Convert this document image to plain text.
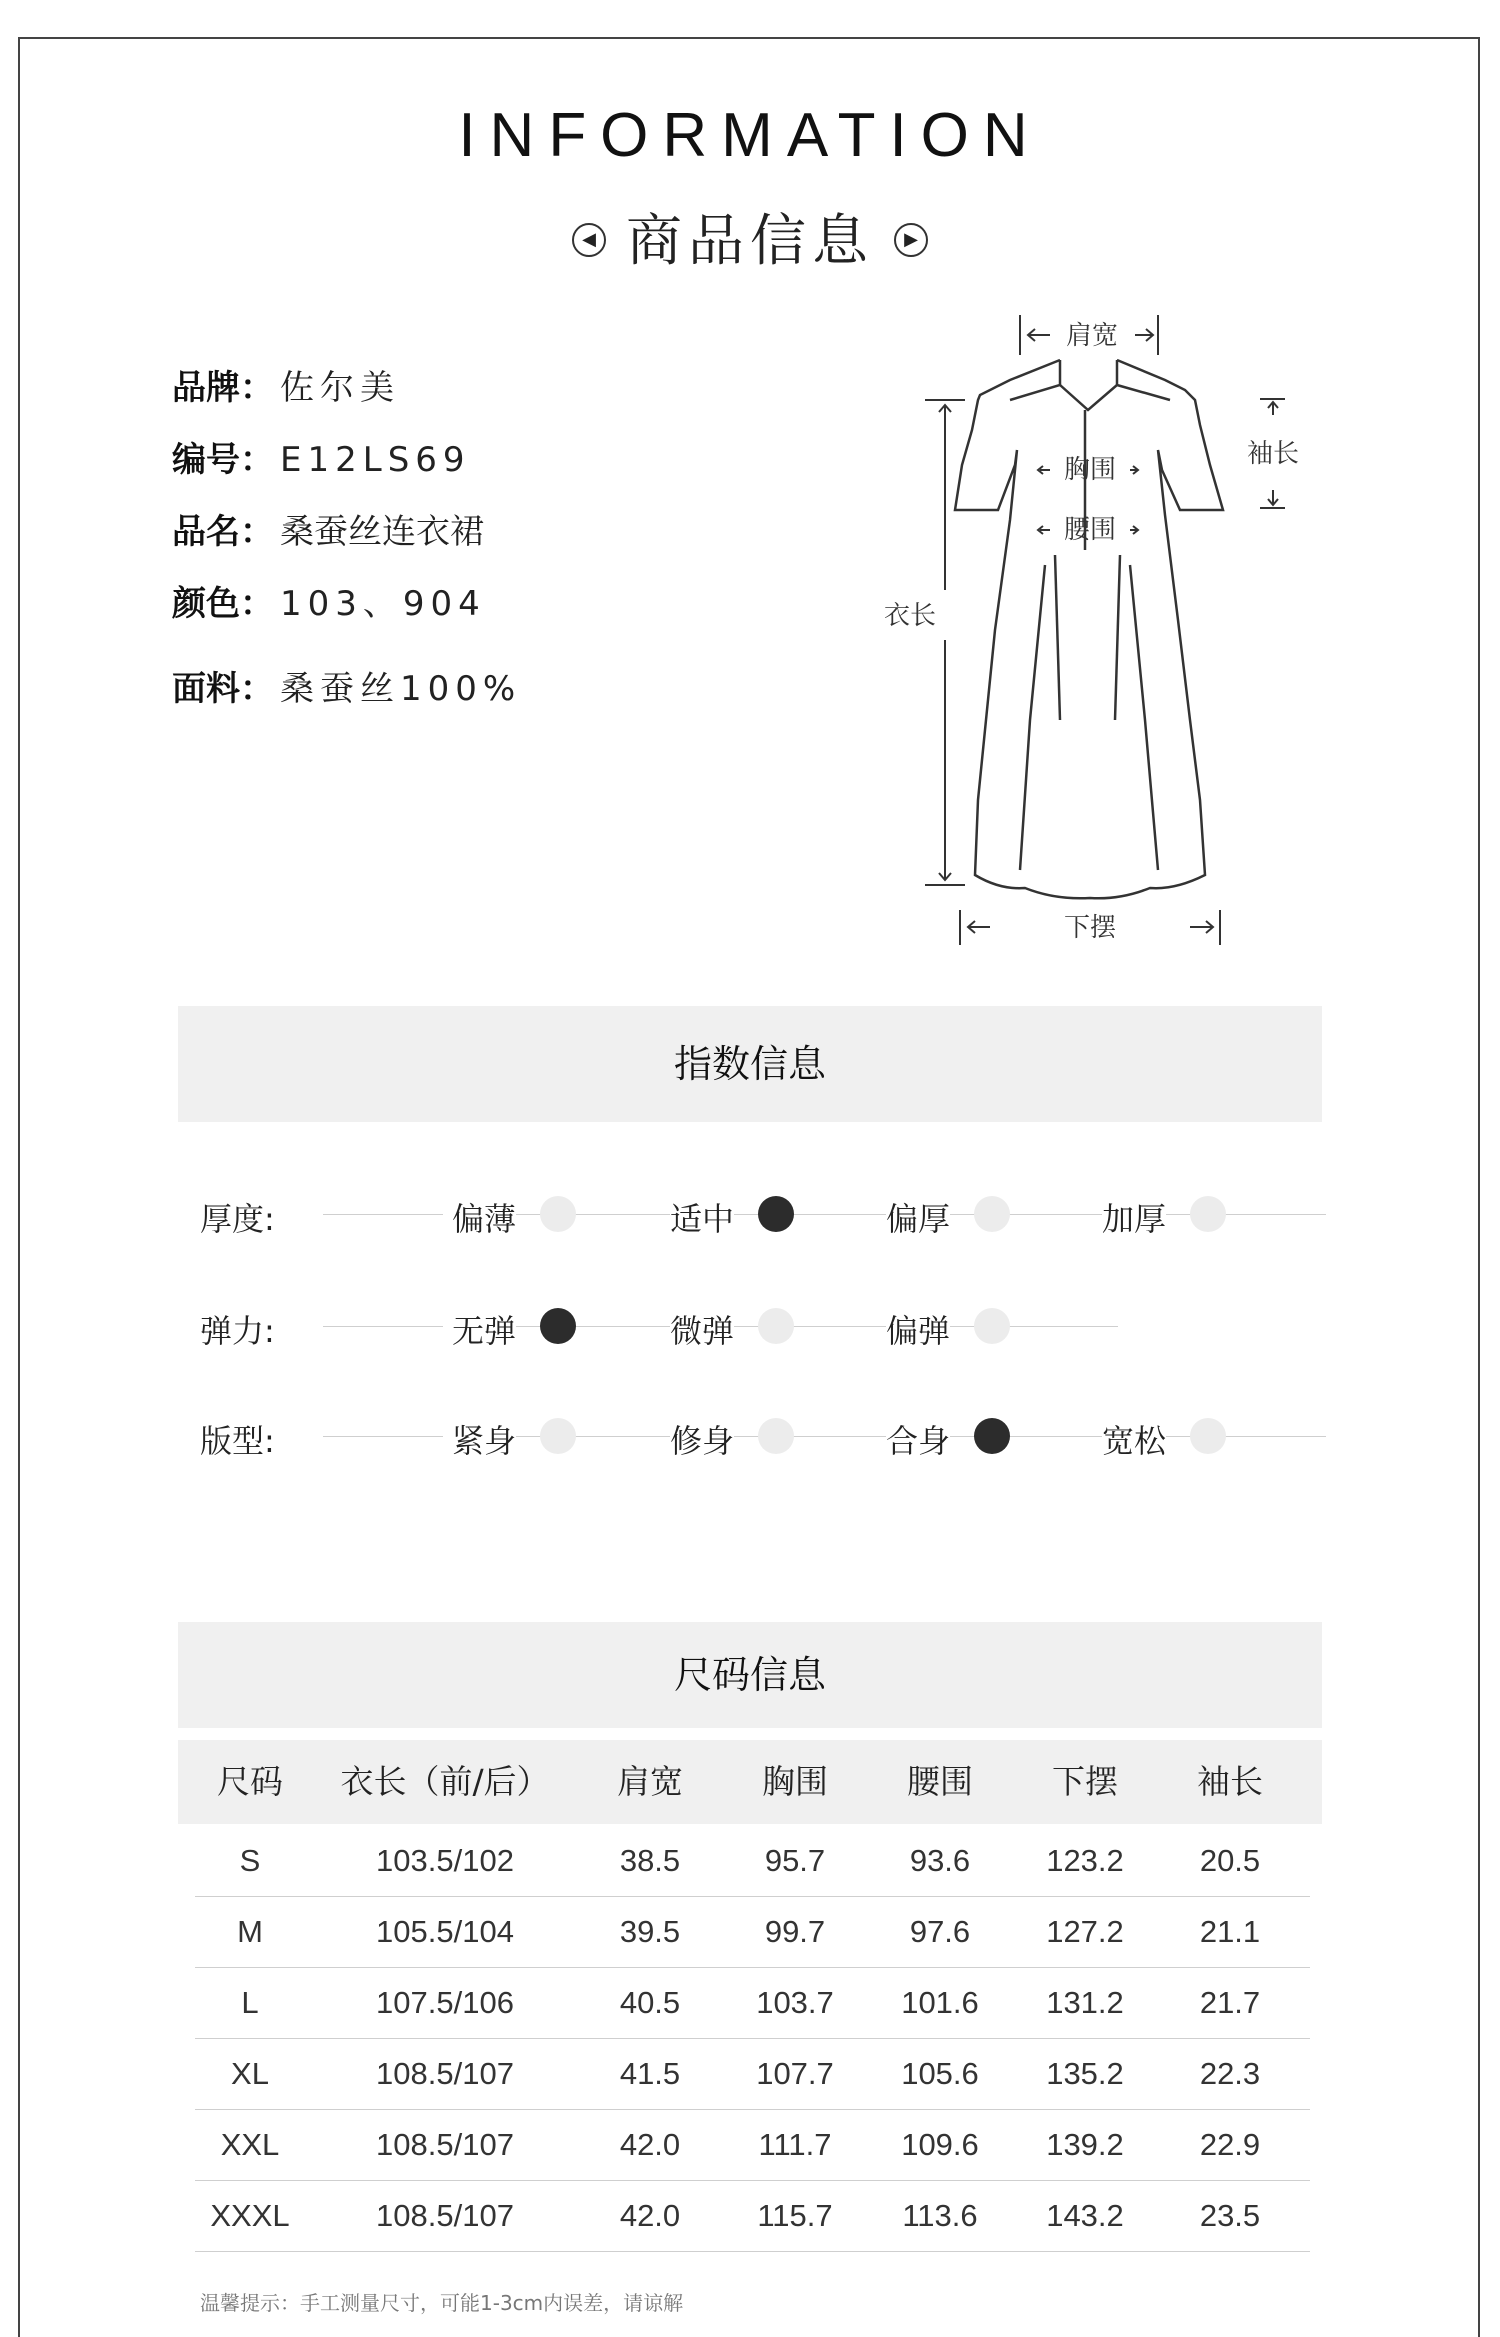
INFORMATION
◀ 商品信息 ▶
品牌： 佐尔美
编号： E12LS69
品名： 桑蚕丝连衣裙
颜色： 103、904
面料： 桑蚕丝100%
肩宽
袖长
胸围
腰围
衣长
下摆
指数信息
厚度:	偏薄	适中	偏厚	加厚
弹力:	无弹	微弹	偏弹
版型:	紧身	修身	合身	宽松
尺码信息
尺码	衣长（前/后）	肩宽	胸围	腰围	下摆	袖长
S	103.5/102	38.5	95.7	93.6	123.2	20.5
M	105.5/104	39.5	99.7	97.6	127.2	21.1
L	107.5/106	40.5	103.7	101.6	131.2	21.7
XL	108.5/107	41.5	107.7	105.6	135.2	22.3
XXL	108.5/107	42.0	111.7	109.6	139.2	22.9
XXXL	108.5/107	42.0	115.7	113.6	143.2	23.5
温馨提示：手工测量尺寸，可能1-3cm内误差，请谅解
